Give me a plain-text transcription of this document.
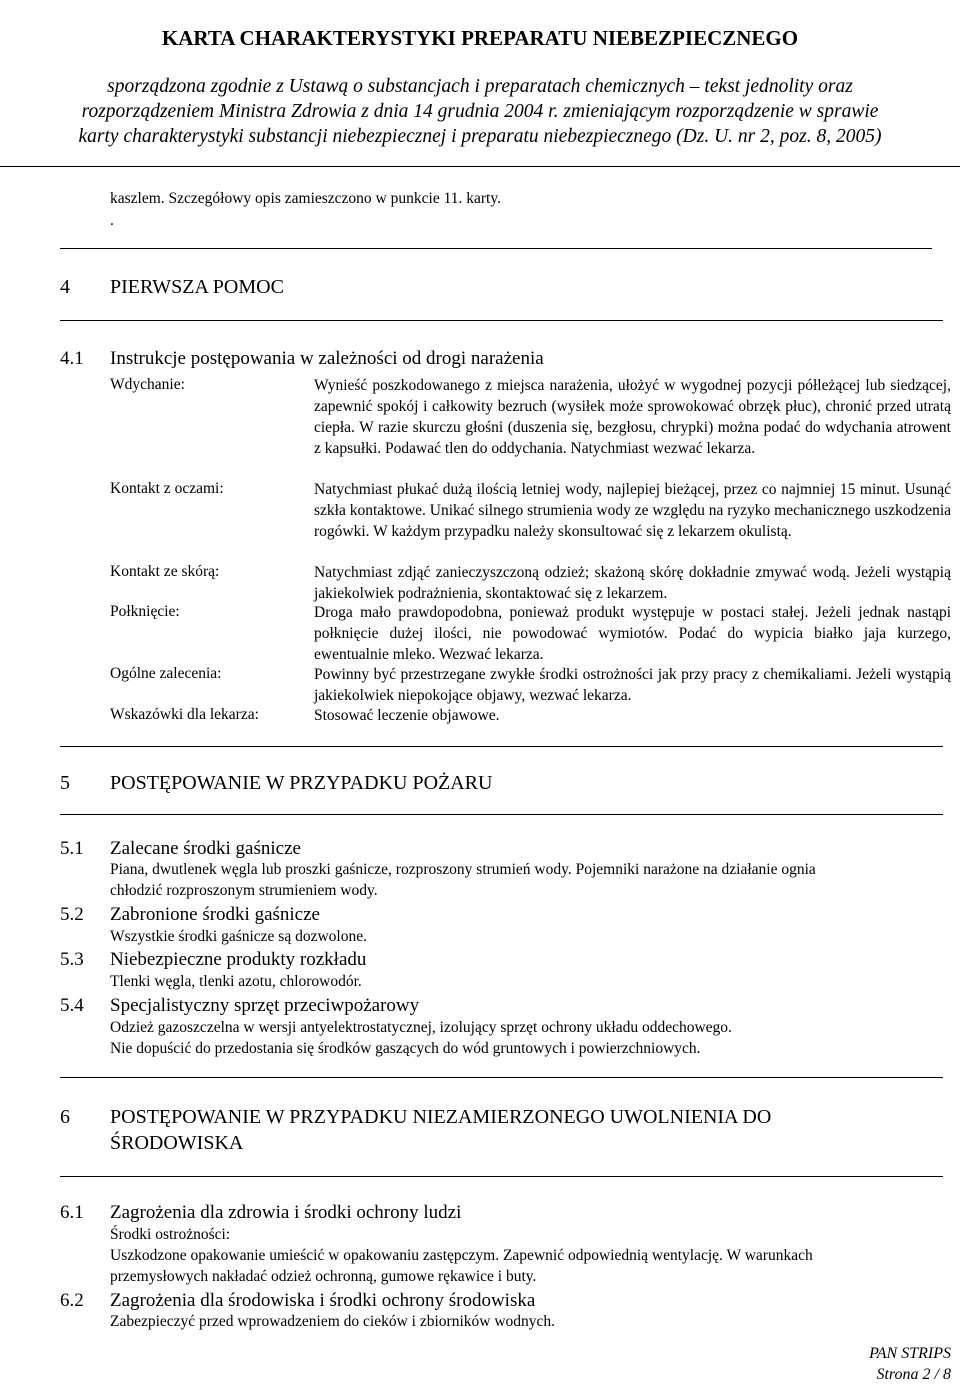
KARTA CHARAKTERYSTYKI PREPARATU NIEBEZPIECZNEGO
sporządzona zgodnie z Ustawą o substancjach i preparatach chemicznych – tekst jednolity oraz
rozporządzeniem Ministra Zdrowia z dnia 14 grudnia 2004 r. zmieniającym rozporządzenie w sprawie
karty charakterystyki substancji niebezpiecznej i preparatu niebezpiecznego (Dz. U. nr 2, poz. 8, 2005)
kaszlem. Szczegółowy opis zamieszczono w punkcie 11. karty.
.
4 PIERWSZA POMOC
4.1 Instrukcje postępowania w zależności od drogi narażenia
Wdychanie:	Wynieść poszkodowanego z miejsca narażenia, ułożyć w wygodnej pozycji półleżącej lub siedzącej, zapewnić spokój i całkowity bezruch (wysiłek może sprowokować obrzęk płuc), chronić przed utratą ciepła. W razie skurczu głośni (duszenia się, bezgłosu, chrypki) można podać do wdychania atrowent z kapsułki. Podawać tlen do oddychania. Natychmiast wezwać lekarza.
Kontakt z oczami:	Natychmiast płukać dużą ilością letniej wody, najlepiej bieżącej, przez co najmniej 15 minut. Usunąć szkła kontaktowe. Unikać silnego strumienia wody ze względu na ryzyko mechanicznego uszkodzenia rogówki. W każdym przypadku należy skonsultować się z lekarzem okulistą.
Kontakt ze skórą:	Natychmiast zdjąć zanieczyszczoną odzież; skażoną skórę dokładnie zmywać wodą. Jeżeli wystąpią jakiekolwiek podrażnienia, skontaktować się z lekarzem.
Połknięcie:	Droga mało prawdopodobna, ponieważ produkt występuje w postaci stałej. Jeżeli jednak nastąpi połknięcie dużej ilości, nie powodować wymiotów. Podać do wypicia białko jaja kurzego, ewentualnie mleko. Wezwać lekarza.
Ogólne zalecenia:	Powinny być przestrzegane zwykłe środki ostrożności jak przy pracy z chemikaliami. Jeżeli wystąpią jakiekolwiek niepokojące objawy, wezwać lekarza.
Wskazówki dla lekarza:	Stosować leczenie objawowe.
5 POSTĘPOWANIE W PRZYPADKU POŻARU
5.1 Zalecane środki gaśnicze
Piana, dwutlenek węgla lub proszki gaśnicze, rozproszony strumień wody. Pojemniki narażone na działanie ognia
chłodzić rozproszonym strumieniem wody.
5.2 Zabronione środki gaśnicze
Wszystkie środki gaśnicze są dozwolone.
5.3 Niebezpieczne produkty rozkładu
Tlenki węgla, tlenki azotu, chlorowodór.
5.4 Specjalistyczny sprzęt przeciwpożarowy
Odzież gazoszczelna w wersji antyelektrostatycznej, izolujący sprzęt ochrony układu oddechowego.
Nie dopuścić do przedostania się środków gaszących do wód gruntowych i powierzchniowych.
6 POSTĘPOWANIE W PRZYPADKU NIEZAMIERZONEGO UWOLNIENIA DO
ŚRODOWISKA
6.1 Zagrożenia dla zdrowia i środki ochrony ludzi
Środki ostrożności:
Uszkodzone opakowanie umieścić w opakowaniu zastępczym. Zapewnić odpowiednią wentylację. W warunkach
przemysłowych nakładać odzież ochronną, gumowe rękawice i buty.
6.2 Zagrożenia dla środowiska i środki ochrony środowiska
Zabezpieczyć przed wprowadzeniem do cieków i zbiorników wodnych.
PAN STRIPS
Strona 2 / 8
